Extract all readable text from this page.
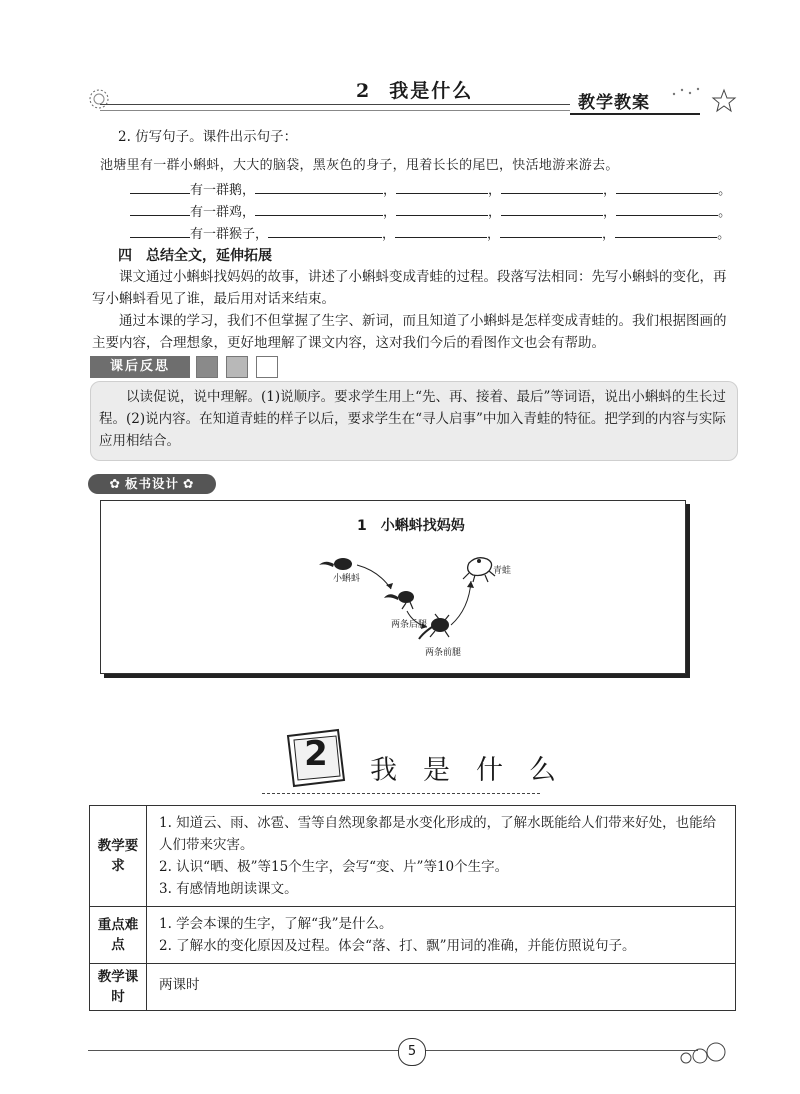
2 我是什么
教学教案
2. 仿写句子。课件出示句子：
池塘里有一群小蝌蚪，大大的脑袋，黑灰色的身子，甩着长长的尾巴，快活地游来游去。
有一群鹅，	，	，	，	。
有一群鸡，	，	，	，	。
有一群猴子，	，	，	，	。
四　总结全文，延伸拓展
课文通过小蝌蚪找妈妈的故事，讲述了小蝌蚪变成青蛙的过程。段落写法相同：先写小蝌蚪的变化，再写小蝌蚪看见了谁，最后用对话来结束。
通过本课的学习，我们不但掌握了生字、新词，而且知道了小蝌蚪是怎样变成青蛙的。我们根据图画的主要内容，合理想象，更好地理解了课文内容，这对我们今后的看图作文也会有帮助。
课后反思
以读促说，说中理解。(1)说顺序。要求学生用上“先、再、接着、最后”等词语，说出小蝌蚪的生长过程。(2)说内容。在知道青蛙的样子以后，要求学生在“寻人启事”中加入青蛙的特征。把学到的内容与实际应用相结合。
✿ 板书设计 ✿
1　小蝌蚪找妈妈
小蝌蚪
两条后腿
两条前腿
青蛙
2	我是什么
教学要求	1. 知道云、雨、冰雹、雪等自然现象都是水变化形成的，了解水既能给人们带来好处，也能给人们带来灾害。
2. 认识“晒、极”等15个生字，会写“变、片”等10个生字。
3. 有感情地朗读课文。

重点难点	1. 学会本课的生字，了解“我”是什么。
2. 了解水的变化原因及过程。体会“落、打、飘”用词的准确，并能仿照说句子。

教学课时	两课时
5
